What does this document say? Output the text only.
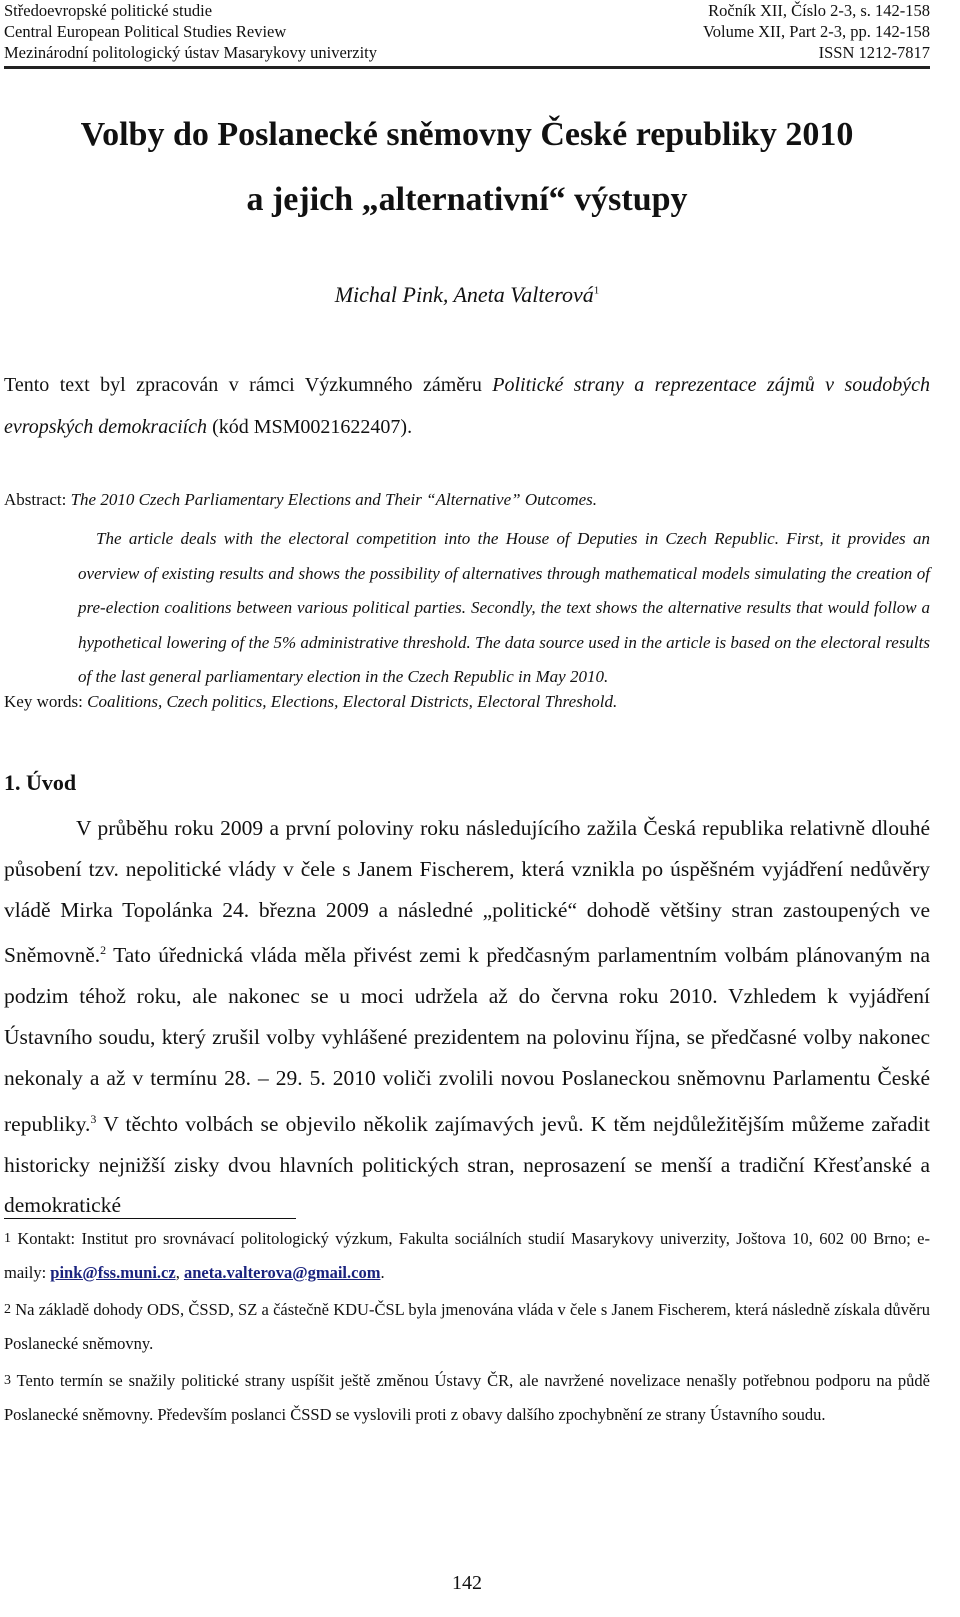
Středoevropské politické studie	Ročník XII, Číslo 2-3, s. 142-158
Central European Political Studies Review	Volume XII, Part 2-3, pp. 142-158
Mezinárodní politologický ústav Masarykovy univerzity	ISSN 1212-7817
Volby do Poslanecké sněmovny České republiky 2010
a jejich „alternativní“ výstupy
Michal Pink, Aneta Valterová$^1$
Tento text byl zpracován v rámci Výzkumného záměru Politické strany a reprezentace zájmů v soudobých evropských demokraciích (kód MSM0021622407).
Abstract: The 2010 Czech Parliamentary Elections and Their “Alternative” Outcomes.
The article deals with the electoral competition into the House of Deputies in Czech Republic. First, it provides an overview of existing results and shows the possibility of alternatives through mathematical models simulating the creation of pre-election coalitions between various political parties. Secondly, the text shows the alternative results that would follow a hypothetical lowering of the 5% administrative threshold. The data source used in the article is based on the electoral results of the last general parliamentary election in the Czech Republic in May 2010.
Key words: Coalitions, Czech politics, Elections, Electoral Districts, Electoral Threshold.
1. Úvod
V průběhu roku 2009 a první poloviny roku následujícího zažila Česká republika relativně dlouhé působení tzv. nepolitické vlády v čele s Janem Fischerem, která vznikla po úspěšném vyjádření nedůvěry vládě Mirka Topolánka 24. března 2009 a následné „politické“ dohodě většiny stran zastoupených ve Sněmovně.$^2$ Tato úřednická vláda měla přivést zemi k předčasným parlamentním volbám plánovaným na podzim téhož roku, ale nakonec se u moci udržela až do června roku 2010. Vzhledem k vyjádření Ústavního soudu, který zrušil volby vyhlášené prezidentem na polovinu října, se předčasné volby nakonec nekonaly a až v termínu 28. – 29. 5. 2010 voliči zvolili novou Poslaneckou sněmovnu Parlamentu České republiky.$^3$ V těchto volbách se objevilo několik zajímavých jevů. K těm nejdůležitějším můžeme zařadit historicky nejnižší zisky dvou hlavních politických stran, neprosazení se menší a tradiční Křesťanské a demokratické
1 Kontakt: Institut pro srovnávací politologický výzkum, Fakulta sociálních studií Masarykovy univerzity, Joštova 10, 602 00 Brno; e-maily: pink@fss.muni.cz, aneta.valterova@gmail.com.
2 Na základě dohody ODS, ČSSD, SZ a částečně KDU-ČSL byla jmenována vláda v čele s Janem Fischerem, která následně získala důvěru Poslanecké sněmovny.
3 Tento termín se snažily politické strany uspíšit ještě změnou Ústavy ČR, ale navržené novelizace nenašly potřebnou podporu na půdě Poslanecké sněmovny. Především poslanci ČSSD se vyslovili proti z obavy dalšího zpochybnění ze strany Ústavního soudu.
142
